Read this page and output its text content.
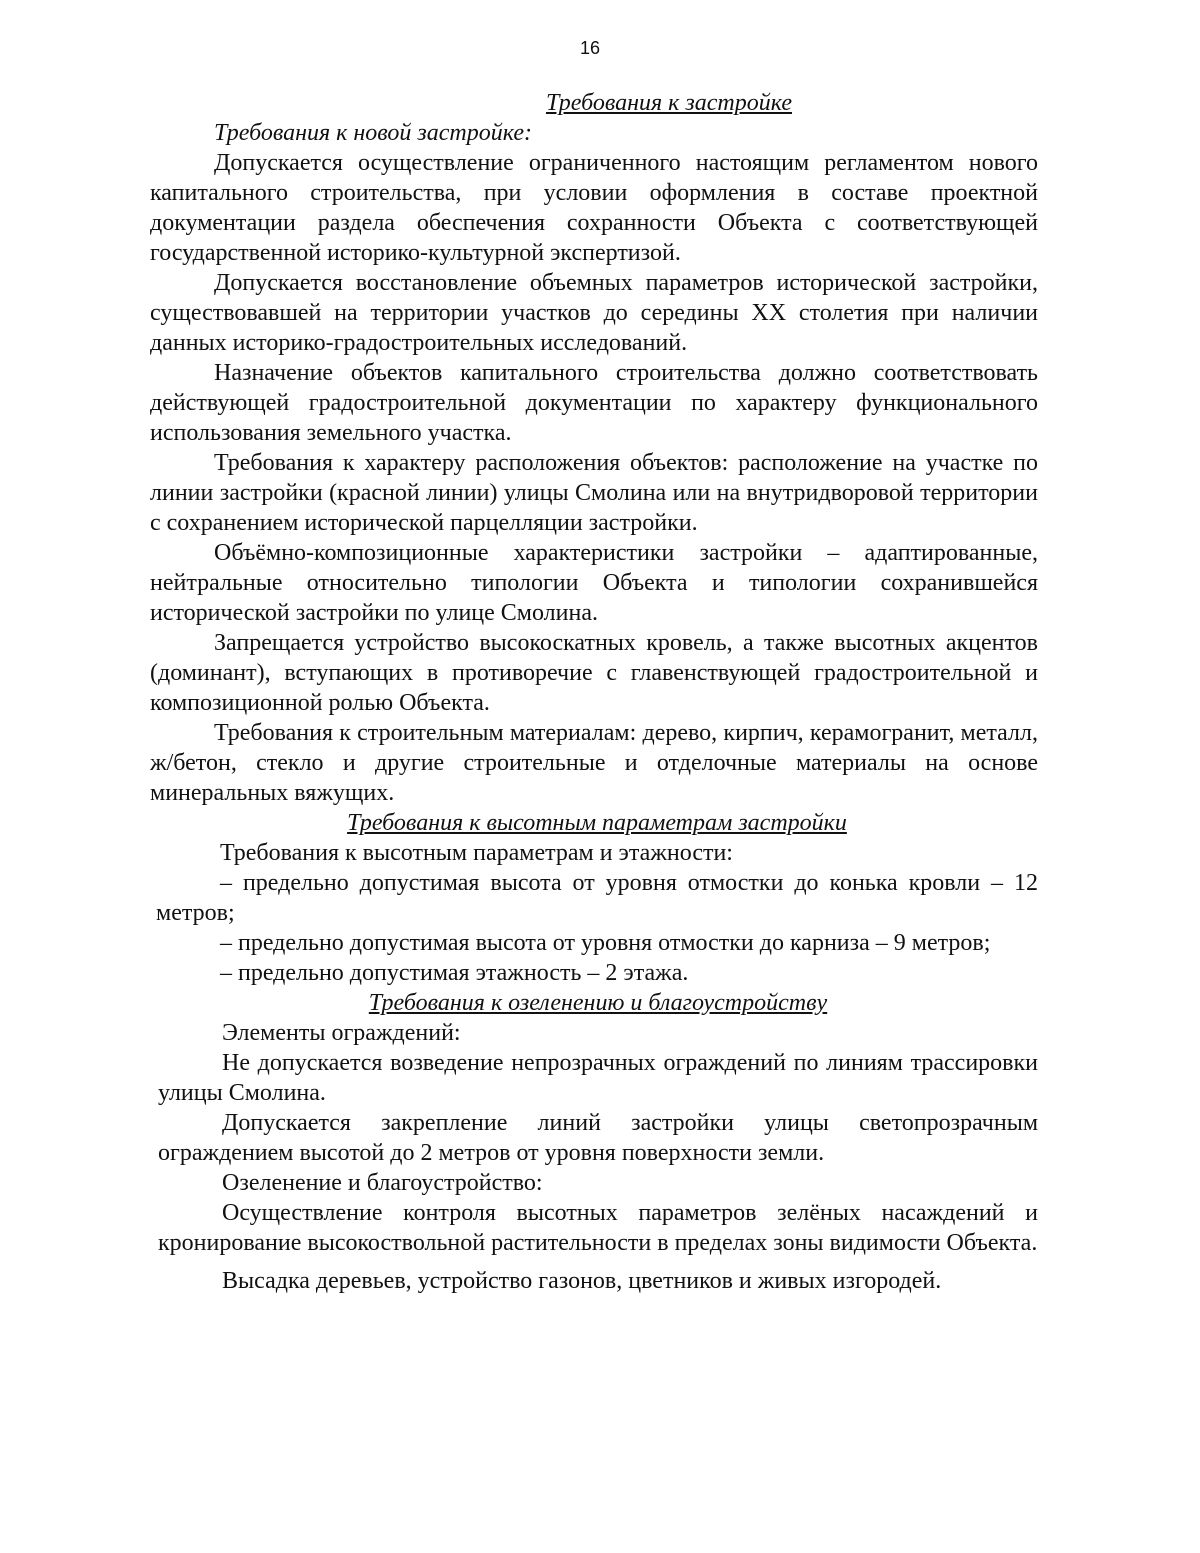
16

Требования к застройке

Требования к новой застройке:

Допускается осуществление ограниченного настоящим регламентом нового капитального строительства, при условии оформления в составе проектной документации раздела обеспечения сохранности Объекта с соответствующей государственной историко-культурной экспертизой.

Допускается восстановление объемных параметров исторической застройки, существовавшей на территории участков до середины XX столетия при наличии данных историко-градостроительных исследований.

Назначение объектов капитального строительства должно соответствовать действующей градостроительной документации по характеру функционального использования земельного участка.

Требования к характеру расположения объектов: расположение на участке по линии застройки (красной линии) улицы Смолина или на внутридворовой территории с сохранением исторической парцелляции застройки.

Объёмно-композиционные характеристики застройки – адаптированные, нейтральные относительно типологии Объекта и типологии сохранившейся исторической застройки по улице Смолина.

Запрещается устройство высокоскатных кровель, а также высотных акцентов (доминант), вступающих в противоречие с главенствующей градостроительной и композиционной ролью Объекта.

Требования к строительным материалам: дерево, кирпич, керамогранит, металл, ж/бетон, стекло и другие строительные и отделочные материалы на основе минеральных вяжущих.

Требования к высотным параметрам застройки

Требования к высотным параметрам и этажности:

– предельно допустимая высота от уровня отмостки до конька кровли – 12 метров;

– предельно допустимая высота от уровня отмостки до карниза – 9 метров;

– предельно допустимая этажность – 2 этажа.

Требования к озеленению и благоустройству

Элементы ограждений:

Не допускается возведение непрозрачных ограждений по линиям трассировки улицы Смолина.

Допускается закрепление линий застройки улицы светопрозрачным ограждением высотой до 2 метров от уровня поверхности земли.

Озеленение и благоустройство:

Осуществление контроля высотных параметров зелёных насаждений и кронирование высокоствольной растительности в пределах зоны видимости Объекта.

Высадка деревьев, устройство газонов, цветников и живых изгородей.
